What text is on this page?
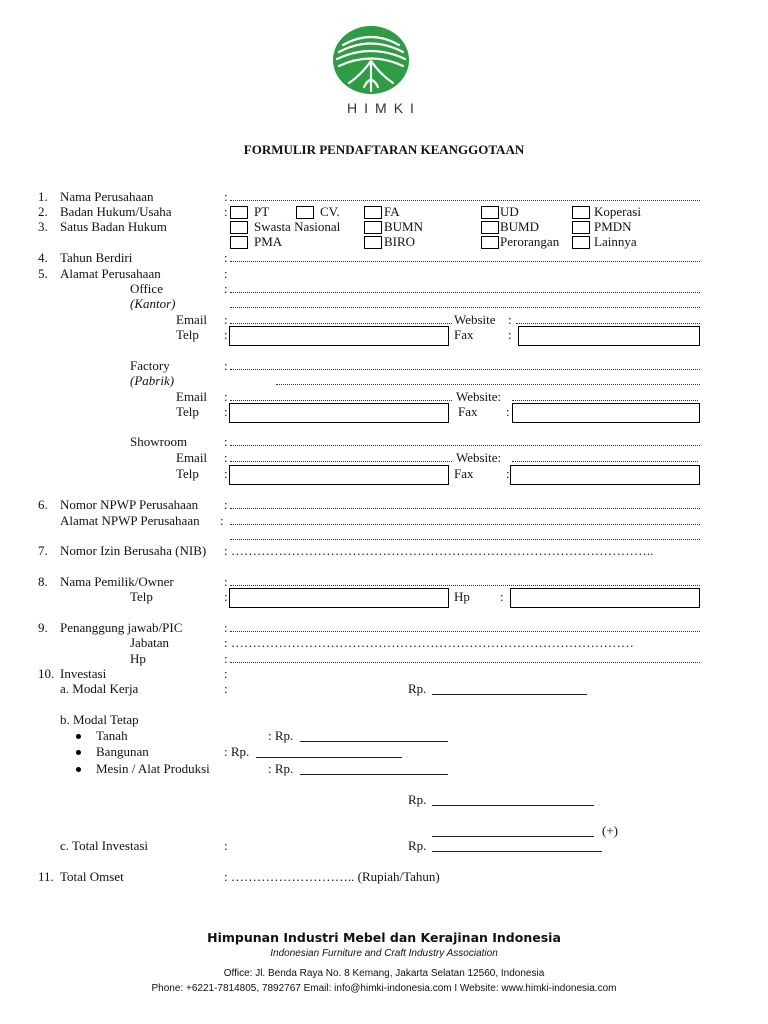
HIMKI
FORMULIR PENDAFTARAN KEANGGOTAAN
1. Nama Perusahaan	:
2. Badan Hukum/Usaha	: PT	CV.	FA	UD	Koperasi
3. Satus Badan Hukum	Swasta Nasional	BUMN	BUMD	PMDN
PMA	BIRO	Perorangan	Lainnya
4. Tahun Berdiri	:
5. Alamat Perusahaan	:
Office	:
(Kantor)
Email :	Website :
Telp :	Fax	:
Factory	:
(Pabrik)
Email :	Website:
Telp :	Fax :
Showroom	:
Email :	Website:
Telp :	Fax	:
6. Nomor NPWP Perusahaan :
Alamat NPWP Perusahaan :
7. Nomor Izin Berusaha (NIB) : ……………………………………………………………………………………..
8. Nama Pemilik/Owner	:
Telp	:	Hp :
9. Penanggung jawab/PIC	:
Jabatan	: …………………………………………………………………………………
Hp	:
10. Investasi	:
a. Modal Kerja	:	Rp.
b. Modal Tetap
Tanah	: Rp.
Bangunan	: Rp.
Mesin / Alat Produksi	: Rp.
Rp.
(+)
c. Total Investasi	:	Rp.
11. Total Omset	: ……………………….. (Rupiah/Tahun)
Himpunan Industri Mebel dan Kerajinan Indonesia
Indonesian Furniture and Craft Industry Association
Office: Jl. Benda Raya No. 8 Kemang, Jakarta Selatan 12560, Indonesia
Phone: +6221-7814805, 7892767 Email: info@himki-indonesia.com I Website: www.himki-indonesia.com
